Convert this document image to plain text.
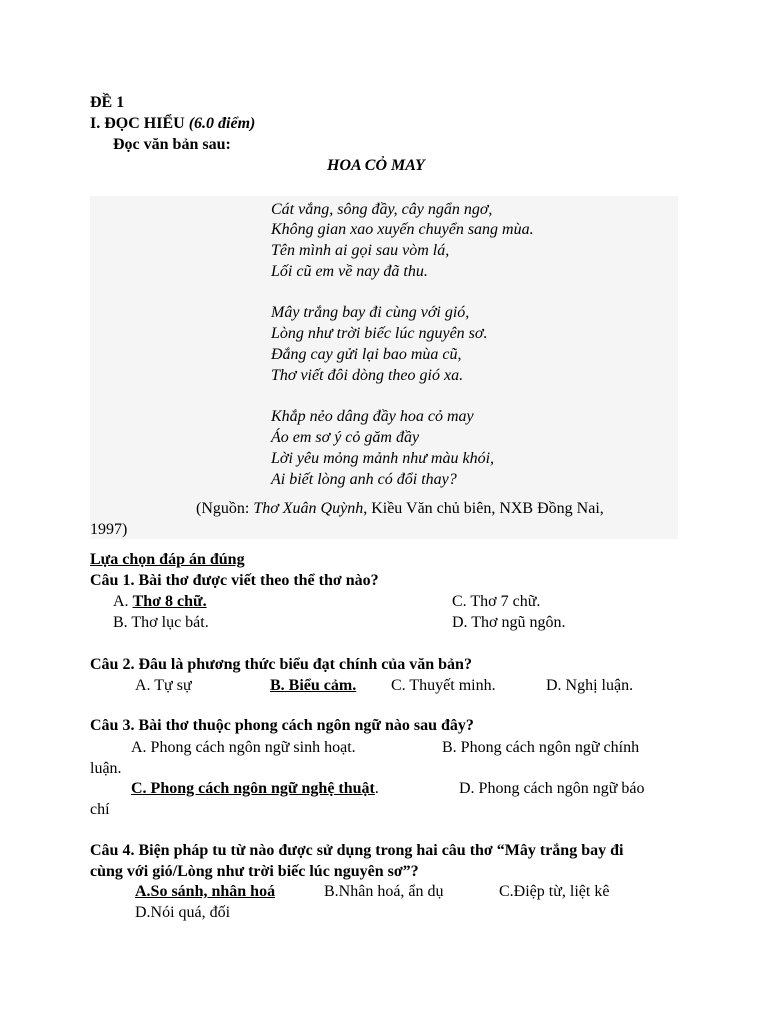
ĐỀ 1
I. ĐỌC HIỂU (6.0 điểm)
Đọc văn bản sau:
HOA CỎ MAY
Cát vắng, sông đầy, cây ngẩn ngơ,
Không gian xao xuyến chuyển sang mùa.
Tên mình ai gọi sau vòm lá,
Lối cũ em về nay đã thu.
Mây trắng bay đi cùng với gió,
Lòng như trời biếc lúc nguyên sơ.
Đắng cay gửi lại bao mùa cũ,
Thơ viết đôi dòng theo gió xa.
Khắp nẻo dâng đầy hoa cỏ may
Áo em sơ ý cỏ găm đầy
Lời yêu mỏng mảnh như màu khói,
Ai biết lòng anh có đổi thay?
(Nguồn: Thơ Xuân Quỳnh, Kiều Văn chủ biên, NXB Đồng Nai,
1997)
Lựa chọn đáp án đúng
Câu 1. Bài thơ được viết theo thể thơ nào?
A. Thơ 8 chữ.	C. Thơ 7 chữ.
B. Thơ lục bát.	D. Thơ ngũ ngôn.
Câu 2. Đâu là phương thức biểu đạt chính của văn bản?
A. Tự sự	B. Biểu cảm. C. Thuyết minh.	D. Nghị luận.
Câu 3. Bài thơ thuộc phong cách ngôn ngữ nào sau đây?
A. Phong cách ngôn ngữ sinh hoạt.	B. Phong cách ngôn ngữ chính
luận.
C. Phong cách ngôn ngữ nghệ thuật.	D. Phong cách ngôn ngữ báo
chí
Câu 4. Biện pháp tu từ nào được sử dụng trong hai câu thơ “Mây trắng bay đi
cùng với gió/Lòng như trời biếc lúc nguyên sơ”?
A.So sánh, nhân hoá	B.Nhân hoá, ẩn dụ	C.Điệp từ, liệt kê
D.Nói quá, đối
